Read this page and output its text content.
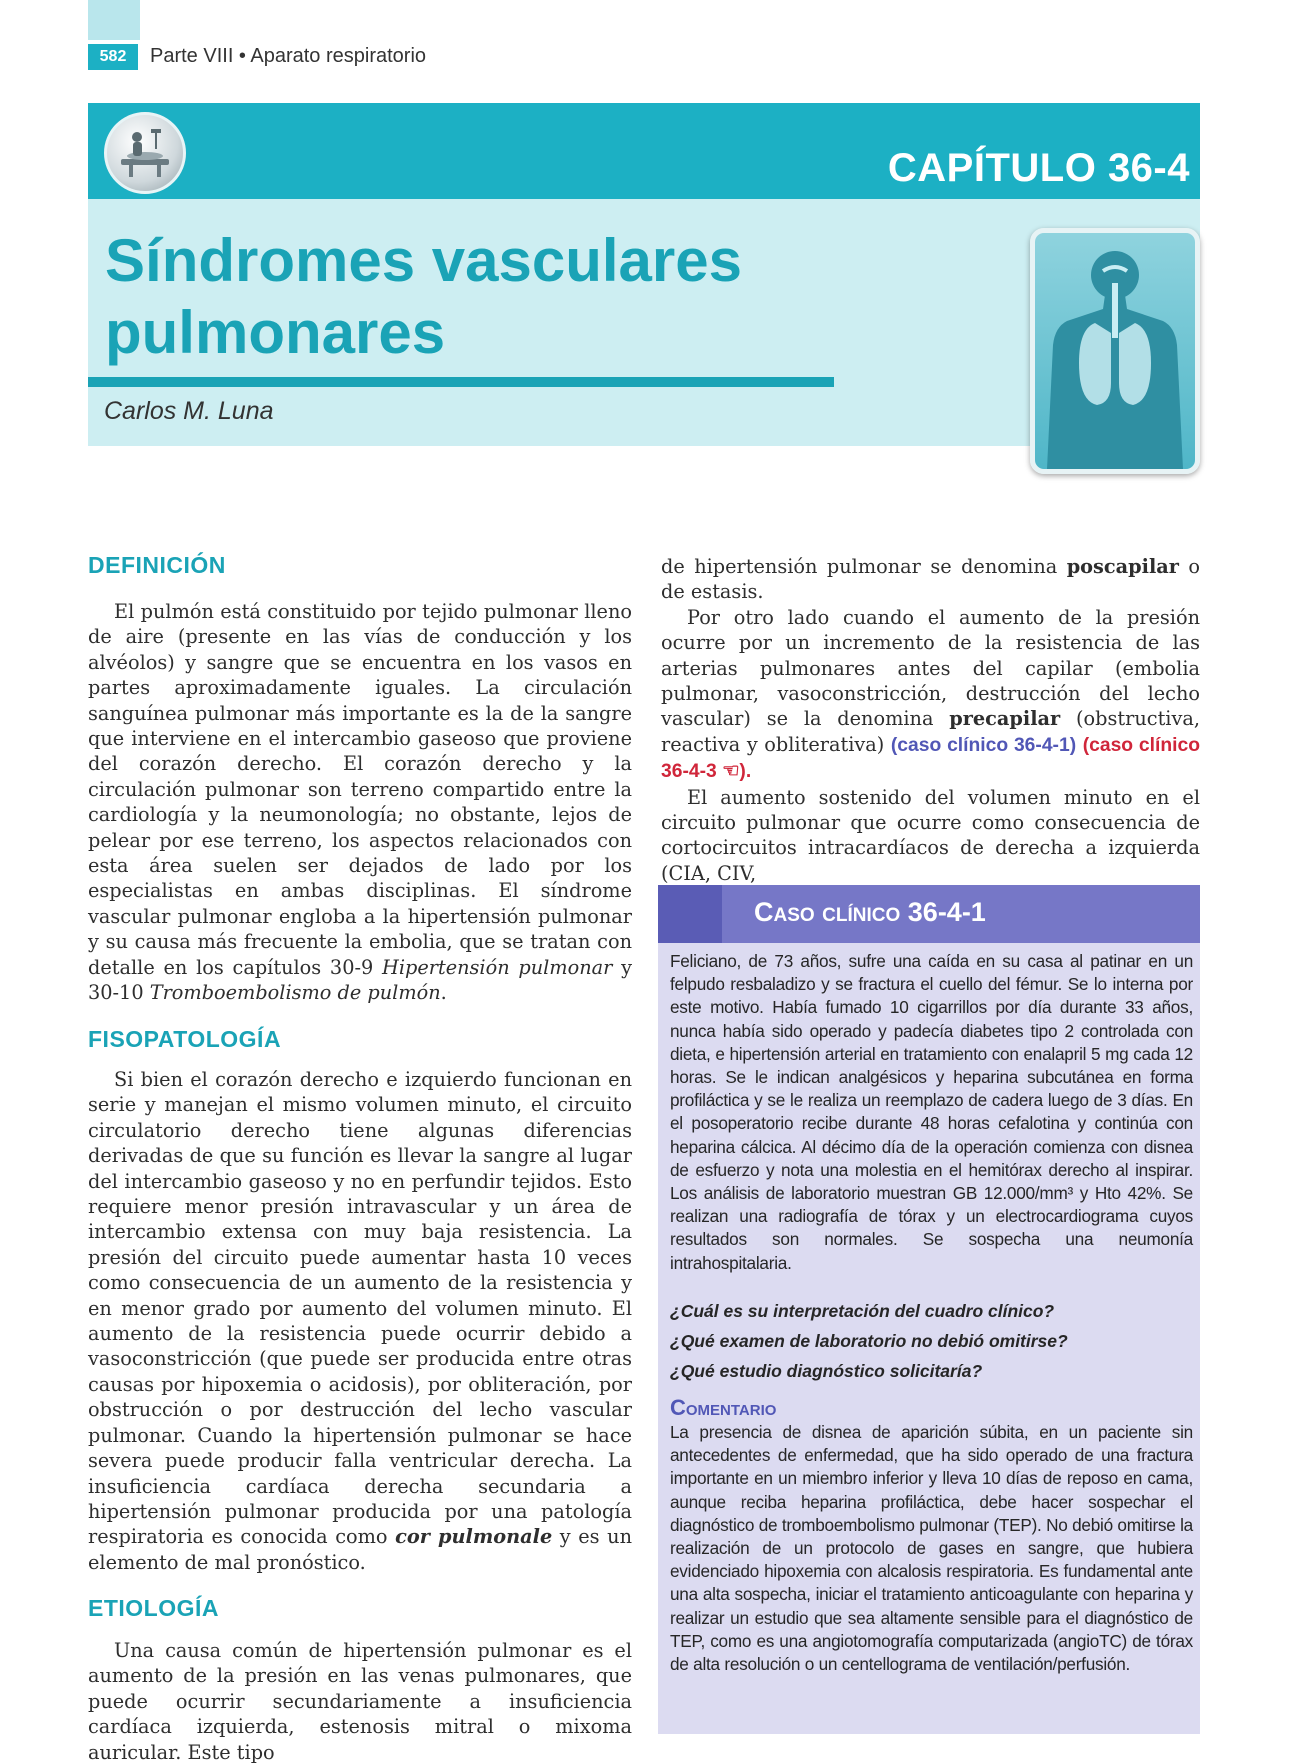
582	Parte VIII • Aparato respiratorio
CAPÍTULO 36-4
Síndromes vasculares pulmonares
Carlos M. Luna
DEFINICIÓN

El pulmón está constituido por tejido pulmonar lleno de aire (presente en las vías de conducción y los alvéolos) y sangre que se encuentra en los vasos en partes aproximadamente iguales. La circulación sanguínea pulmonar más importante es la de la sangre que interviene en el intercambio gaseoso que proviene del corazón derecho. El corazón derecho y la circulación pulmonar son terreno compartido entre la cardiología y la neumonología; no obstante, lejos de pelear por ese terreno, los aspectos relacionados con esta área suelen ser dejados de lado por los especialistas en ambas disciplinas. El síndrome vascular pulmonar engloba a la hipertensión pulmonar y su causa más frecuente la embolia, que se tratan con detalle en los capítulos 30-9 Hipertensión pulmonar y 30-10 Tromboembolismo de pulmón.

FISOPATOLOGÍA

Si bien el corazón derecho e izquierdo funcionan en serie y manejan el mismo volumen minuto, el circuito circulatorio derecho tiene algunas diferencias derivadas de que su función es llevar la sangre al lugar del intercambio gaseoso y no en perfundir tejidos. Esto requiere menor presión intravascular y un área de intercambio extensa con muy baja resistencia. La presión del circuito puede aumentar hasta 10 veces como consecuencia de un aumento de la resistencia y en menor grado por aumento del volumen minuto. El aumento de la resistencia puede ocurrir debido a vasoconstricción (que puede ser producida entre otras causas por hipoxemia o acidosis), por obliteración, por obstrucción o por destrucción del lecho vascular pulmonar. Cuando la hipertensión pulmonar se hace severa puede producir falla ventricular derecha. La insuficiencia cardíaca derecha secundaria a hipertensión pulmonar producida por una patología respiratoria es conocida como cor pulmonale y es un elemento de mal pronóstico.

ETIOLOGÍA

Una causa común de hipertensión pulmonar es el aumento de la presión en las venas pulmonares, que puede ocurrir secundariamente a insuficiencia cardíaca izquierda, estenosis mitral o mixoma auricular. Este tipo

de hipertensión pulmonar se denomina poscapilar o de estasis.

Por otro lado cuando el aumento de la presión ocurre por un incremento de la resistencia de las arterias pulmonares antes del capilar (embolia pulmonar, vasoconstricción, destrucción del lecho vascular) se la denomina precapilar (obstructiva, reactiva y obliterativa) (caso clínico 36-4-1) (caso clínico 36-4-3 ☜).

El aumento sostenido del volumen minuto en el circuito pulmonar que ocurre como consecuencia de cortocircuitos intracardíacos de derecha a izquierda (CIA, CIV,

Caso clínico 36-4-1
Feliciano, de 73 años, sufre una caída en su casa al patinar en un felpudo resbaladizo y se fractura el cuello del fémur. Se lo interna por este motivo. Había fumado 10 cigarrillos por día durante 33 años, nunca había sido operado y padecía diabetes tipo 2 controlada con dieta, e hipertensión arterial en tratamiento con enalapril 5 mg cada 12 horas. Se le indican analgésicos y heparina subcutánea en forma profiláctica y se le realiza un reemplazo de cadera luego de 3 días. En el posoperatorio recibe durante 48 horas cefalotina y continúa con heparina cálcica. Al décimo día de la operación comienza con disnea de esfuerzo y nota una molestia en el hemitórax derecho al inspirar. Los análisis de laboratorio muestran GB 12.000/mm³ y Hto 42%. Se realizan una radiografía de tórax y un electrocardiograma cuyos resultados son normales. Se sospecha una neumonía intrahospitalaria.
¿Cuál es su interpretación del cuadro clínico?
¿Qué examen de laboratorio no debió omitirse?
¿Qué estudio diagnóstico solicitaría?
Comentario
La presencia de disnea de aparición súbita, en un paciente sin antecedentes de enfermedad, que ha sido operado de una fractura importante en un miembro inferior y lleva 10 días de reposo en cama, aunque reciba heparina profiláctica, debe hacer sospechar el diagnóstico de tromboembolismo pulmonar (TEP). No debió omitirse la realización de un protocolo de gases en sangre, que hubiera evidenciado hipoxemia con alcalosis respiratoria. Es fundamental ante una alta sospecha, iniciar el tratamiento anticoagulante con heparina y realizar un estudio que sea altamente sensible para el diagnóstico de TEP, como es una angiotomografía computarizada (angioTC) de tórax de alta resolución o un centellograma de ventilación/perfusión.
